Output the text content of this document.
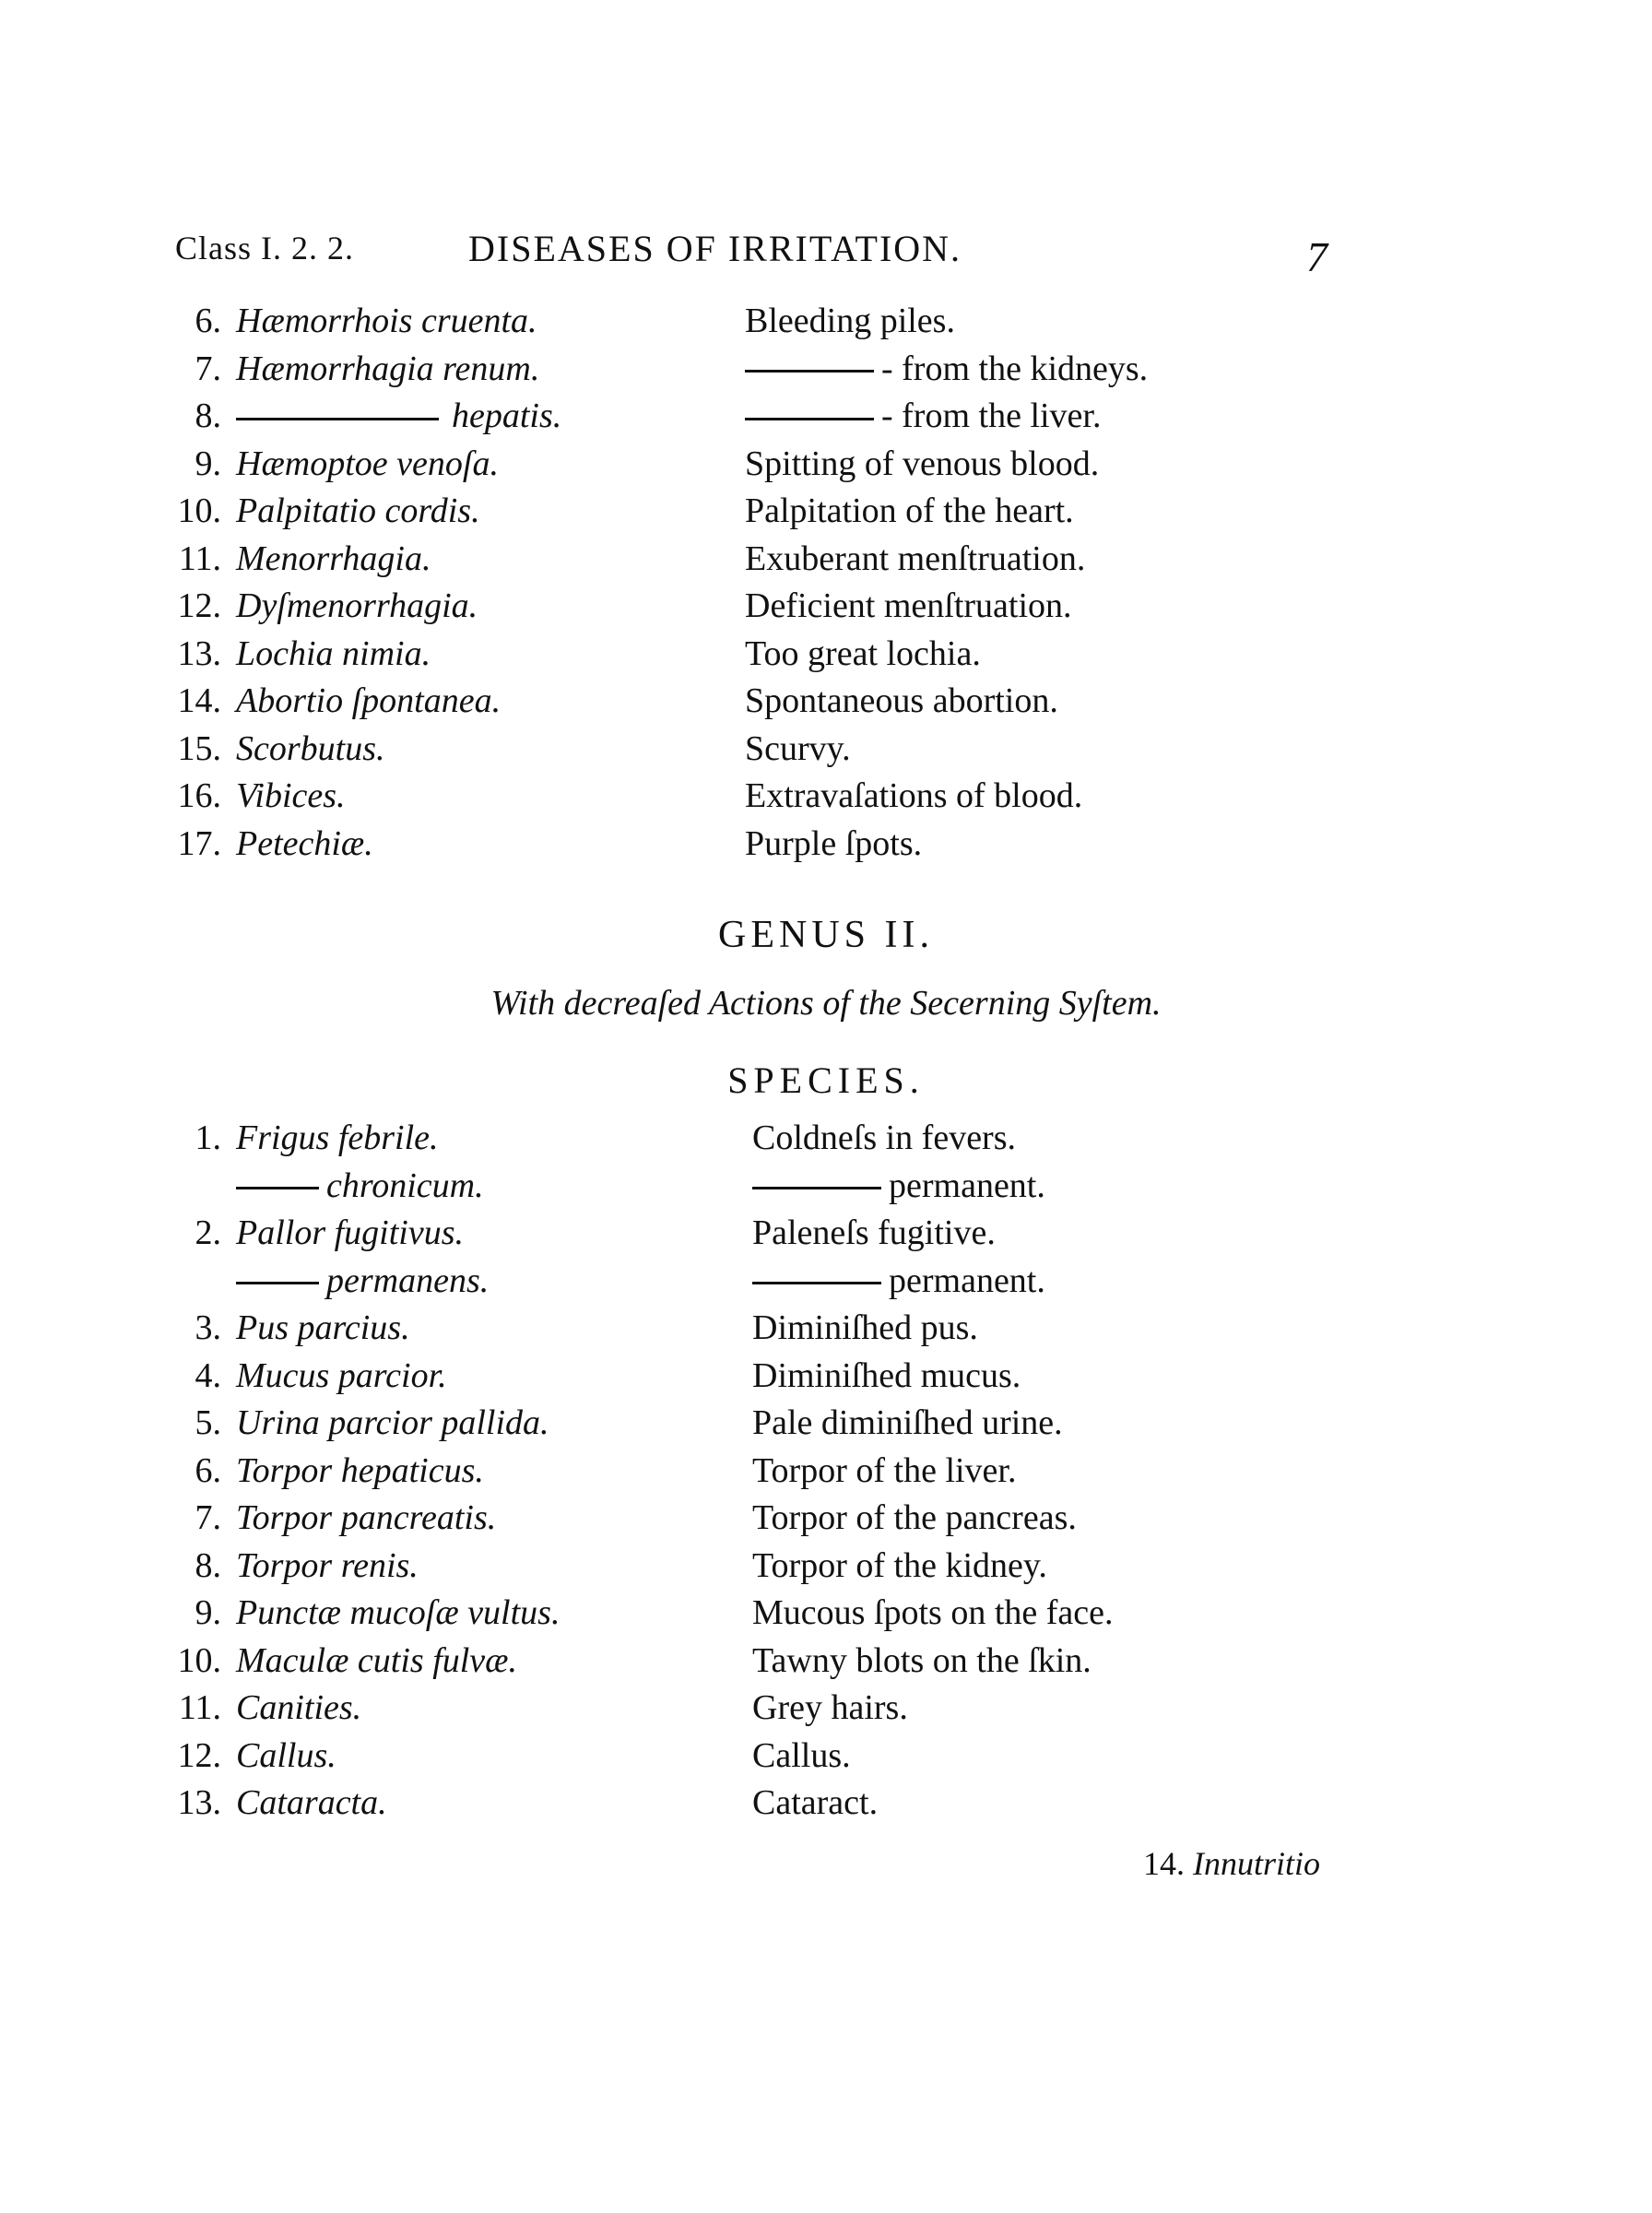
Class I. 2. 2.	DISEASES OF IRRITATION.	7
6. Hæmorrhois cruenta.	Bleeding piles.
7. Hæmorrhagia renum.	- from the kidneys.
8.	hepatis.	- from the liver.
9. Hæmoptoe venoſa.	Spitting of venous blood.
10. Palpitatio cordis.	Palpitation of the heart.
11. Menorrhagia.	Exuberant menſtruation.
12. Dyſmenorrhagia.	Deficient menſtruation.
13. Lochia nimia.	Too great lochia.
14. Abortio ſpontanea.	Spontaneous abortion.
15. Scorbutus.	Scurvy.
16. Vibices.	Extravaſations of blood.
17. Petechiæ.	Purple ſpots.
GENUS II.
With decreaſed Actions of the Secerning Syſtem.
SPECIES.
1. Frigus febrile.	Coldneſs in fevers.
chronicum.	permanent.
2. Pallor fugitivus.	Paleneſs fugitive.
permanens.	permanent.
3. Pus parcius.	Diminiſhed pus.
4. Mucus parcior.	Diminiſhed mucus.
5. Urina parcior pallida.	Pale diminiſhed urine.
6. Torpor hepaticus.	Torpor of the liver.
7. Torpor pancreatis.	Torpor of the pancreas.
8. Torpor renis.	Torpor of the kidney.
9. Punctæ mucoſæ vultus.	Mucous ſpots on the face.
10. Maculæ cutis fulvæ.	Tawny blots on the ſkin.
11. Canities.	Grey hairs.
12. Callus.	Callus.
13. Cataracta.	Cataract.
14. Innutritio
